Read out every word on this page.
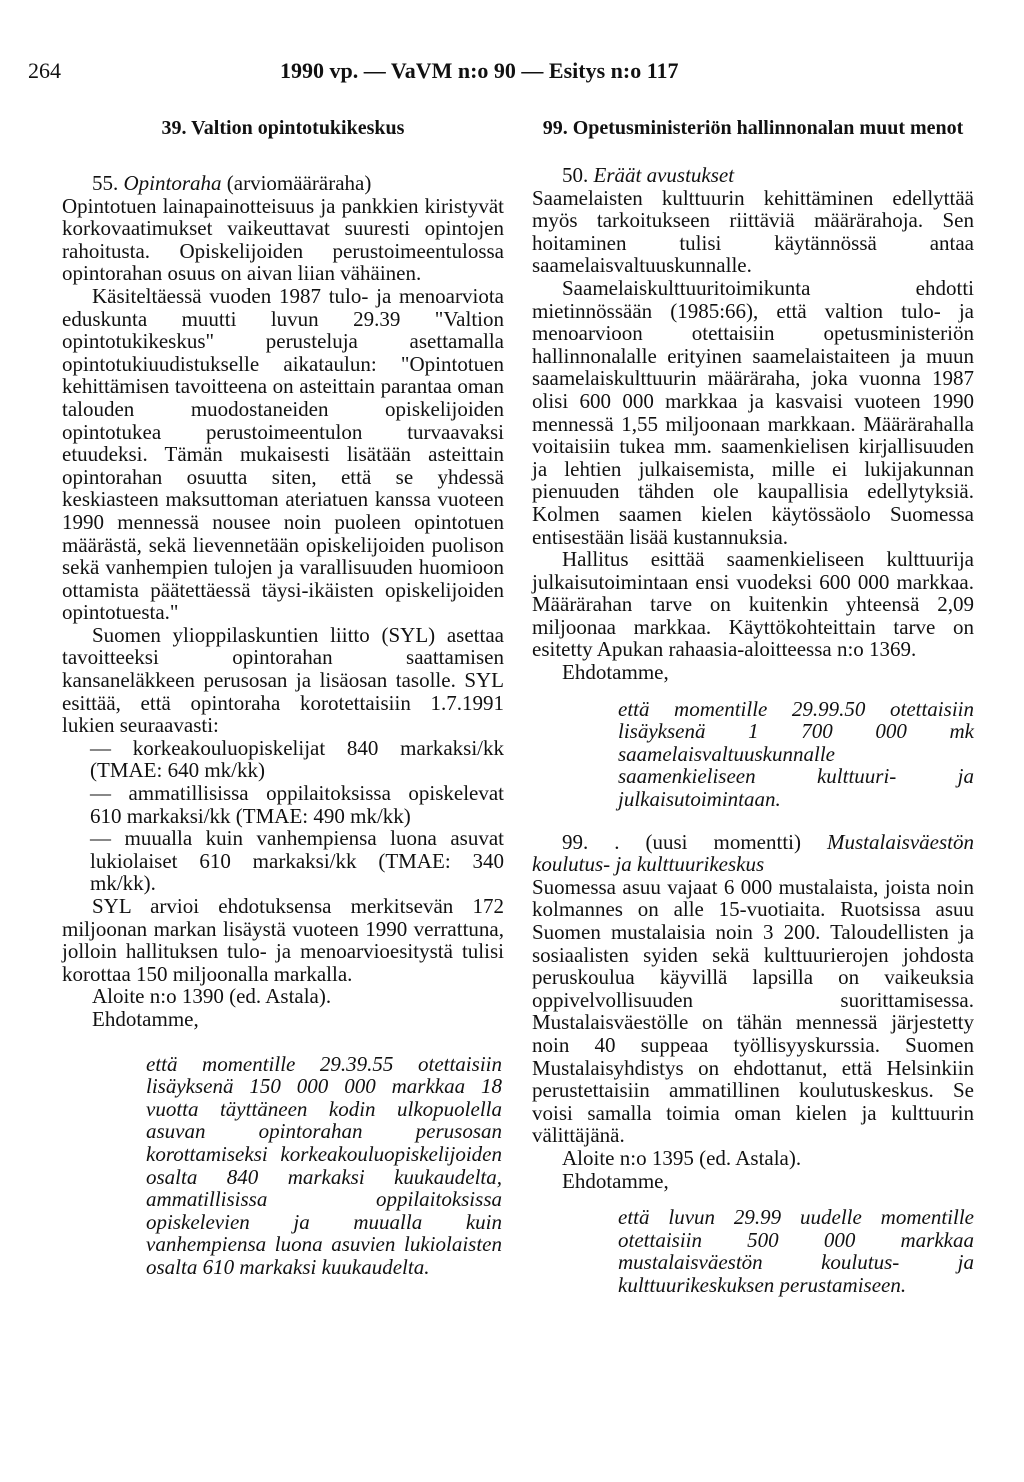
264	1990 vp. — VaVM n:o 90 — Esitys n:o 117
39. Valtion opintotukikeskus

55. Opintoraha (arviomääräraha)

Opintotuen lainapainotteisuus ja pankkien kiristyvät korkovaatimukset vaikeuttavat suuresti opintojen rahoitusta. Opiskelijoiden perustoimeentulossa opintorahan osuus on aivan liian vähäinen.

Käsiteltäessä vuoden 1987 tulo- ja menoarviota eduskunta muutti luvun 29.39 "Valtion opintotukikeskus" perusteluja asettamalla opintotukiuudistukselle aikataulun: "Opintotuen kehittämisen tavoitteena on asteittain parantaa oman talouden muodostaneiden opiskelijoiden opintotukea perustoimeentulon turvaavaksi etuudeksi. Tämän mukaisesti lisätään asteittain opintorahan osuutta siten, että se yhdessä keskiasteen maksuttoman ateriatuen kanssa vuoteen 1990 mennessä nousee noin puoleen opintotuen määrästä, sekä lievennetään opiskelijoiden puolison sekä vanhempien tulojen ja varallisuuden huomioon ottamista päätettäessä täysi-ikäisten opiskelijoiden opintotuesta."

Suomen ylioppilaskuntien liitto (SYL) asettaa tavoitteeksi opintorahan saattamisen kansaneläkkeen perusosan ja lisäosan tasolle. SYL esittää, että opintoraha korotettaisiin 1.7.1991 lukien seuraavasti:

— korkeakouluopiskelijat 840 markaksi/kk (TMAE: 640 mk/kk)

— ammatillisissa oppilaitoksissa opiskelevat 610 markaksi/kk (TMAE: 490 mk/kk)

— muualla kuin vanhempiensa luona asuvat lukiolaiset 610 markaksi/kk (TMAE: 340 mk/kk).

SYL arvioi ehdotuksensa merkitsevän 172 miljoonan markan lisäystä vuoteen 1990 verrattuna, jolloin hallituksen tulo- ja menoarvioesitystä tulisi korottaa 150 miljoonalla markalla.

Aloite n:o 1390 (ed. Astala).

Ehdotamme,

että momentille 29.39.55 otettaisiin lisäyksenä 150 000 000 markkaa 18 vuotta täyttäneen kodin ulkopuolella asuvan opintorahan perusosan korottamiseksi korkeakouluopiskelijoiden osalta 840 markaksi kuukaudelta, ammatillisissa oppilaitoksissa opiskelevien ja muualla kuin vanhempiensa luona asuvien lukiolaisten osalta 610 markaksi kuukaudelta.
99. Opetusministeriön hallinnonalan muut menot

50. Eräät avustukset

Saamelaisten kulttuurin kehittäminen edellyttää myös tarkoitukseen riittäviä määrärahoja. Sen hoitaminen tulisi käytännössä antaa saamelaisvaltuuskunnalle.

Saamelaiskulttuuritoimikunta ehdotti mietinnössään (1985:66), että valtion tulo- ja menoarvioon otettaisiin opetusministeriön hallinnonalalle erityinen saamelaistaiteen ja muun saamelaiskulttuurin määräraha, joka vuonna 1987 olisi 600 000 markkaa ja kasvaisi vuoteen 1990 mennessä 1,55 miljoonaan markkaan. Määrärahalla voitaisiin tukea mm. saamenkielisen kirjallisuuden ja lehtien julkaisemista, mille ei lukijakunnan pienuuden tähden ole kaupallisia edellytyksiä. Kolmen saamen kielen käytössäolo Suomessa entisestään lisää kustannuksia.

Hallitus esittää saamenkieliseen kulttuurija julkaisutoimintaan ensi vuodeksi 600 000 markkaa. Määrärahan tarve on kuitenkin yhteensä 2,09 miljoonaa markkaa. Käyttökohteittain tarve on esitetty Apukan rahaasia-aloitteessa n:o 1369.

Ehdotamme,

että momentille 29.99.50 otettaisiin lisäyksenä 1 700 000 mk saamelaisvaltuuskunnalle saamenkieliseen kulttuuri- ja julkaisutoimintaan.

99. . (uusi momentti) Mustalaisväestön koulutus- ja kulttuurikeskus

Suomessa asuu vajaat 6 000 mustalaista, joista noin kolmannes on alle 15-vuotiaita. Ruotsissa asuu Suomen mustalaisia noin 3 200. Taloudellisten ja sosiaalisten syiden sekä kulttuurierojen johdosta peruskoulua käyvillä lapsilla on vaikeuksia oppivelvollisuuden suorittamisessa. Mustalaisväestölle on tähän mennessä järjestetty noin 40 suppeaa työllisyyskurssia. Suomen Mustalaisyhdistys on ehdottanut, että Helsinkiin perustettaisiin ammatillinen koulutuskeskus. Se voisi samalla toimia oman kielen ja kulttuurin välittäjänä.

Aloite n:o 1395 (ed. Astala).

Ehdotamme,

että luvun 29.99 uudelle momentille otettaisiin 500 000 markkaa mustalaisväestön koulutus- ja kulttuurikeskuksen perustamiseen.
